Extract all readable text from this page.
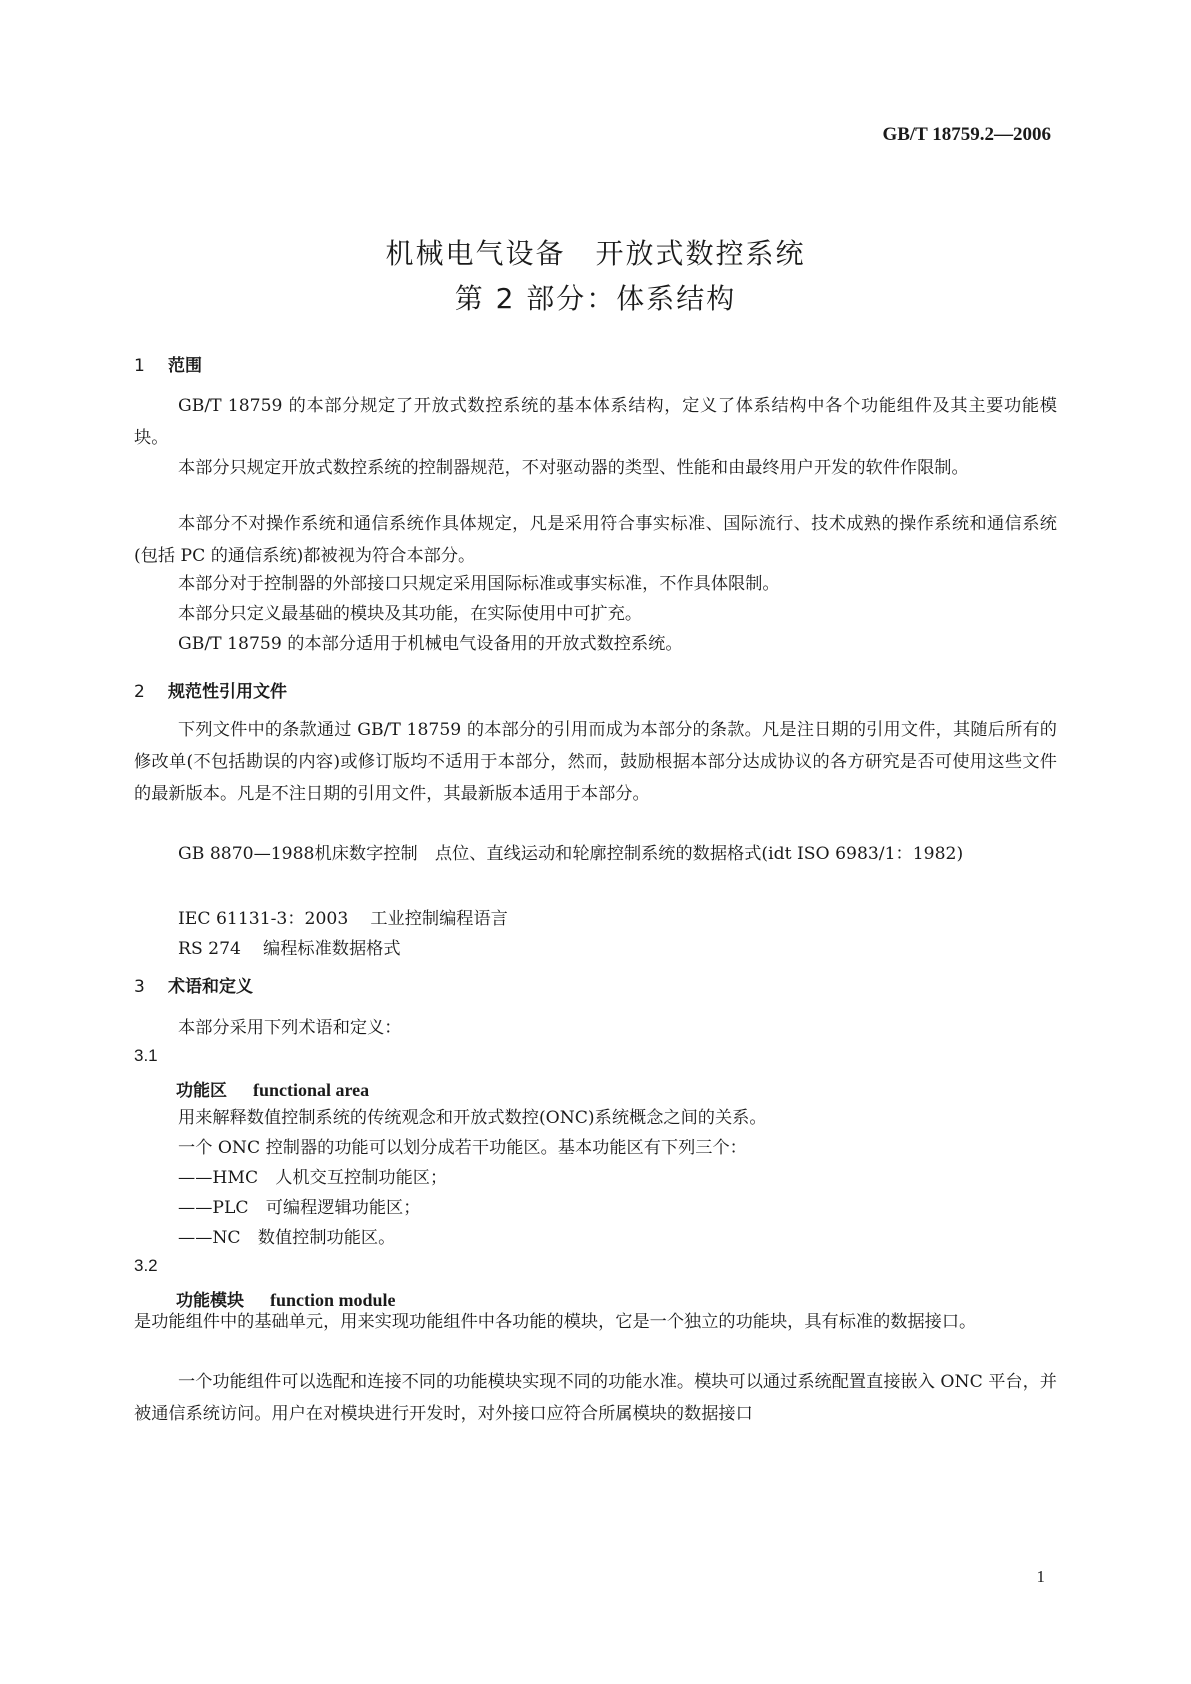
GB/T 18759.2—2006
机械电气设备　开放式数控系统
第 2 部分：体系结构
1 范围
GB/T 18759 的本部分规定了开放式数控系统的基本体系结构，定义了体系结构中各个功能组件及其主要功能模块。
本部分只规定开放式数控系统的控制器规范，不对驱动器的类型、性能和由最终用户开发的软件作限制。
本部分不对操作系统和通信系统作具体规定，凡是采用符合事实标准、国际流行、技术成熟的操作系统和通信系统(包括 PC 的通信系统)都被视为符合本部分。
本部分对于控制器的外部接口只规定采用国际标准或事实标准，不作具体限制。
本部分只定义最基础的模块及其功能，在实际使用中可扩充。
GB/T 18759 的本部分适用于机械电气设备用的开放式数控系统。
2 规范性引用文件
下列文件中的条款通过 GB/T 18759 的本部分的引用而成为本部分的条款。凡是注日期的引用文件，其随后所有的修改单(不包括勘误的内容)或修订版均不适用于本部分，然而，鼓励根据本部分达成协议的各方研究是否可使用这些文件的最新版本。凡是不注日期的引用文件，其最新版本适用于本部分。
GB 8870—1988机床数字控制　点位、直线运动和轮廓控制系统的数据格式(idt ISO 6983/1：1982)
IEC 61131-3：2003 工业控制编程语言
RS 274 编程标准数据格式
3 术语和定义
本部分采用下列术语和定义：
3.1
功能区 functional area
用来解释数值控制系统的传统观念和开放式数控(ONC)系统概念之间的关系。
一个 ONC 控制器的功能可以划分成若干功能区。基本功能区有下列三个：
——HMC　人机交互控制功能区；
——PLC　可编程逻辑功能区；
——NC　数值控制功能区。
3.2
功能模块 function module
是功能组件中的基础单元，用来实现功能组件中各功能的模块，它是一个独立的功能块，具有标准的数据接口。
一个功能组件可以选配和连接不同的功能模块实现不同的功能水准。模块可以通过系统配置直接嵌入 ONC 平台，并被通信系统访问。用户在对模块进行开发时，对外接口应符合所属模块的数据接口
1
